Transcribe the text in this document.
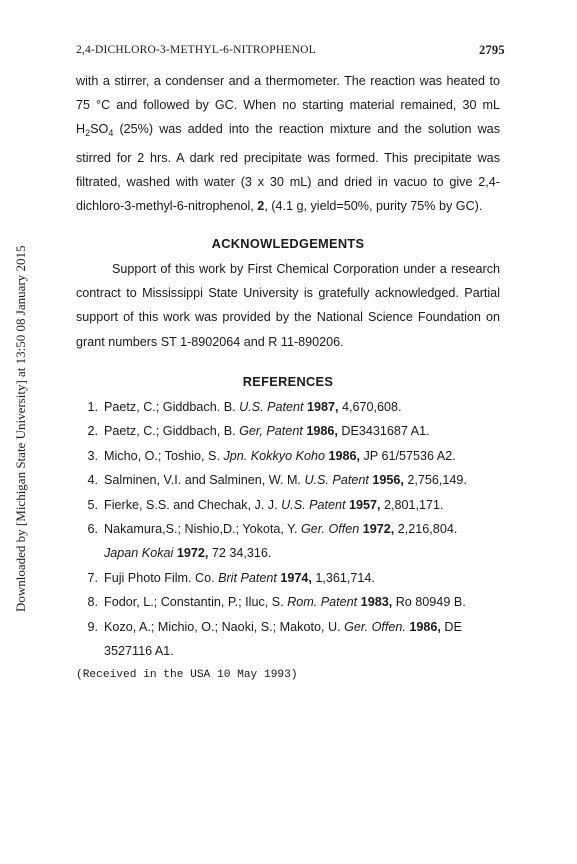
2,4-DICHLORO-3-METHYL-6-NITROPHENOL	2795
Downloaded by [Michigan State University] at 13:50 08 January 2015

with a stirrer, a condenser and a thermometer. The reaction was heated to 75 °C and followed by GC. When no starting material remained, 30 mL $H_2SO_4$ (25%) was added into the reaction mixture and the solution was stirred for 2 hrs. A dark red precipitate was formed. This precipitate was filtrated, washed with water (3 x 30 mL) and dried in vacuo to give 2,4-dichloro-3-methyl-6-nitrophenol, 2, (4.1 g, yield=50%, purity 75% by GC).

ACKNOWLEDGEMENTS

Support of this work by First Chemical Corporation under a research contract to Mississippi State University is gratefully acknowledged. Partial support of this work was provided by the National Science Foundation on grant numbers ST 1-8902064 and R 11-890206.

REFERENCES
1. Paetz, C.; Giddbach. B. U.S. Patent 1987, 4,670,608.
2. Paetz, C.; Giddbach, B. Ger, Patent 1986, DE3431687 A1.
3. Micho, O.; Toshio, S. Jpn. Kokkyo Koho 1986, JP 61/57536 A2.
4. Salminen, V.I. and Salminen, W. M. U.S. Patent 1956, 2,756,149.
5. Fierke, S.S. and Chechak, J. J. U.S. Patent 1957, 2,801,171.
6. Nakamura,S.; Nishio,D.; Yokota, Y. Ger. Offen 1972, 2,216,804.
Japan Kokai 1972, 72 34,316.
7. Fuji Photo Film. Co. Brit Patent 1974, 1,361,714.
8. Fodor, L.; Constantin, P.; Iluc, S. Rom. Patent 1983, Ro 80949 B.
9. Kozo, A.; Michio, O.; Naoki, S.; Makoto, U. Ger. Offen. 1986, DE
3527116 A1.
(Received in the USA 10 May 1993)
